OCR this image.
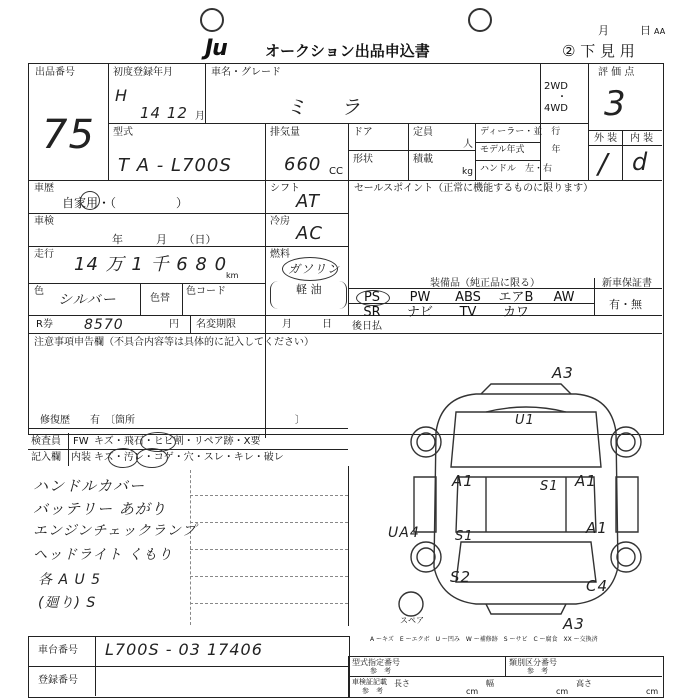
Ju	オークション出品申込書
月	日 AA
② 下 見 用
出品番号
75
初度登録年月
H
14 12 月
車名・グレード
ミ ラ
2WD
・
4WD
評 価 点
3
外 装 内 装
/ d
型式
T A - L700S
排気量
660 CC
ドア	定員
人
形状	積載
kg
ディーラー・並　行
モデル年式　　　年
ハンドル　左・右
車歴
自家用・（　　　　　）
シフト
AT
セールスポイント（正常に機能するものに限ります）
車検
年　　　月　　（日）
冷房
AC
走行 14 万 1 千 6 8 0
km
燃料
ガソリン
軽 油
色
シルバー	色替
色コード
R券 8570	円 名変期限	月　　　日
装備品（純正品に限る）	新車保証書
有・無
PS	PW	ABS	エアB	AW
SR	ナビ	TV	カワ
後日払
注意事項申告欄（不具合内容等は具体的に記入してください）
修復歴　　有　〔箇所　　　　　　　　　　　　　　　　〕
検査員
記入欄
FW キズ・飛石・ヒビ割・リペア跡・X要
内装 キズ・汚レ・コゲ・穴・スレ・キレ・破レ
ハンドルカバー
バッテリー あがり
エンジンチェックランプ
ヘッドライト くもり
各 A U 5
(廻り) S
A3
U1
A1	S1 A1
UA4	S1	A1
S2	C4
A3
スペア
A ーキズ　E ーエクボ　U ー凹み　W ー補修跡　S ーサビ　C ー腐食　XX ー交換済
車台番号 L700S - 03 17406
登録番号
型式指定番号
参　考
類別区分番号
参　考
車検証記載
参　考
長さ
cm
幅
cm
高さ
cm
